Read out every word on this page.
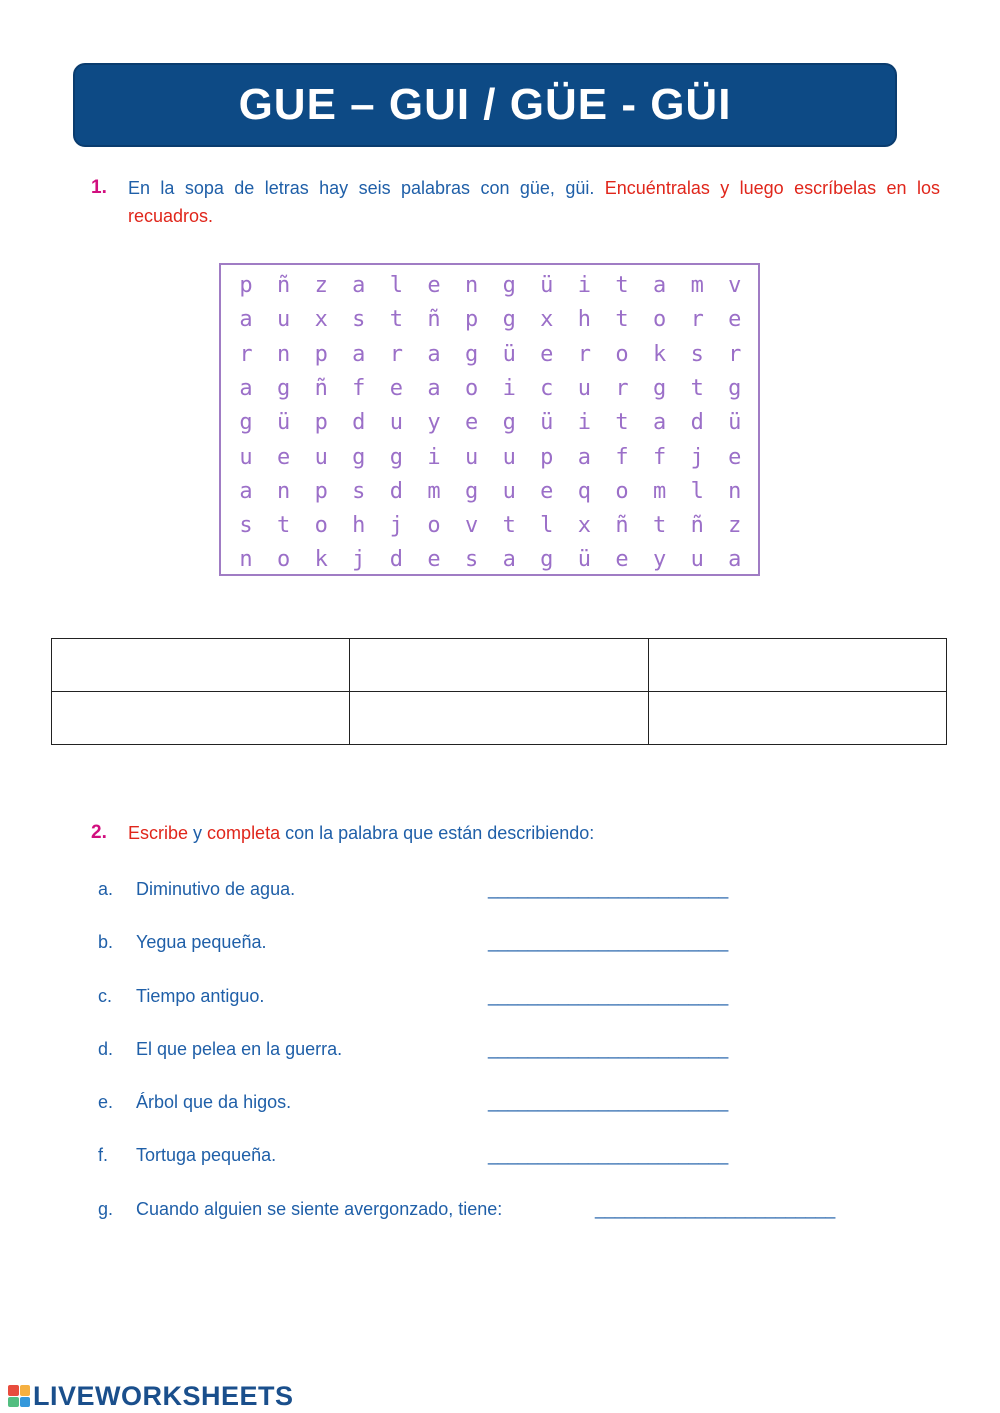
GUE – GUI / GÜE - GÜI
1. En la sopa de letras hay seis palabras con güe, güi. Encuéntralas y luego escríbelas en los recuadros.
p	ñ	z	a	l	e	n	g	ü	i	t	a	m	v
a	u	x	s	t	ñ	p	g	x	h	t	o	r	e
r	n	p	a	r	a	g	ü	e	r	o	k	s	r
a	g	ñ	f	e	a	o	i	c	u	r	g	t	g
g	ü	p	d	u	y	e	g	ü	i	t	a	d	ü
u	e	u	g	g	i	u	u	p	a	f	f	j	e
a	n	p	s	d	m	g	u	e	q	o	m	l	n
s	t	o	h	j	o	v	t	l	x	ñ	t	ñ	z
n	o	k	j	d	e	s	a	g	ü	e	y	u	a

2. Escribe y completa con la palabra que están describiendo:
a. Diminutivo de agua.	________________________
b. Yegua pequeña.	________________________
c. Tiempo antiguo.	________________________
d. El que pelea en la guerra.	________________________
e. Árbol que da higos.	________________________
f. Tortuga pequeña.	________________________
g. Cuando alguien se siente avergonzado, tiene:	________________________
LIVEWORKSHEETS
